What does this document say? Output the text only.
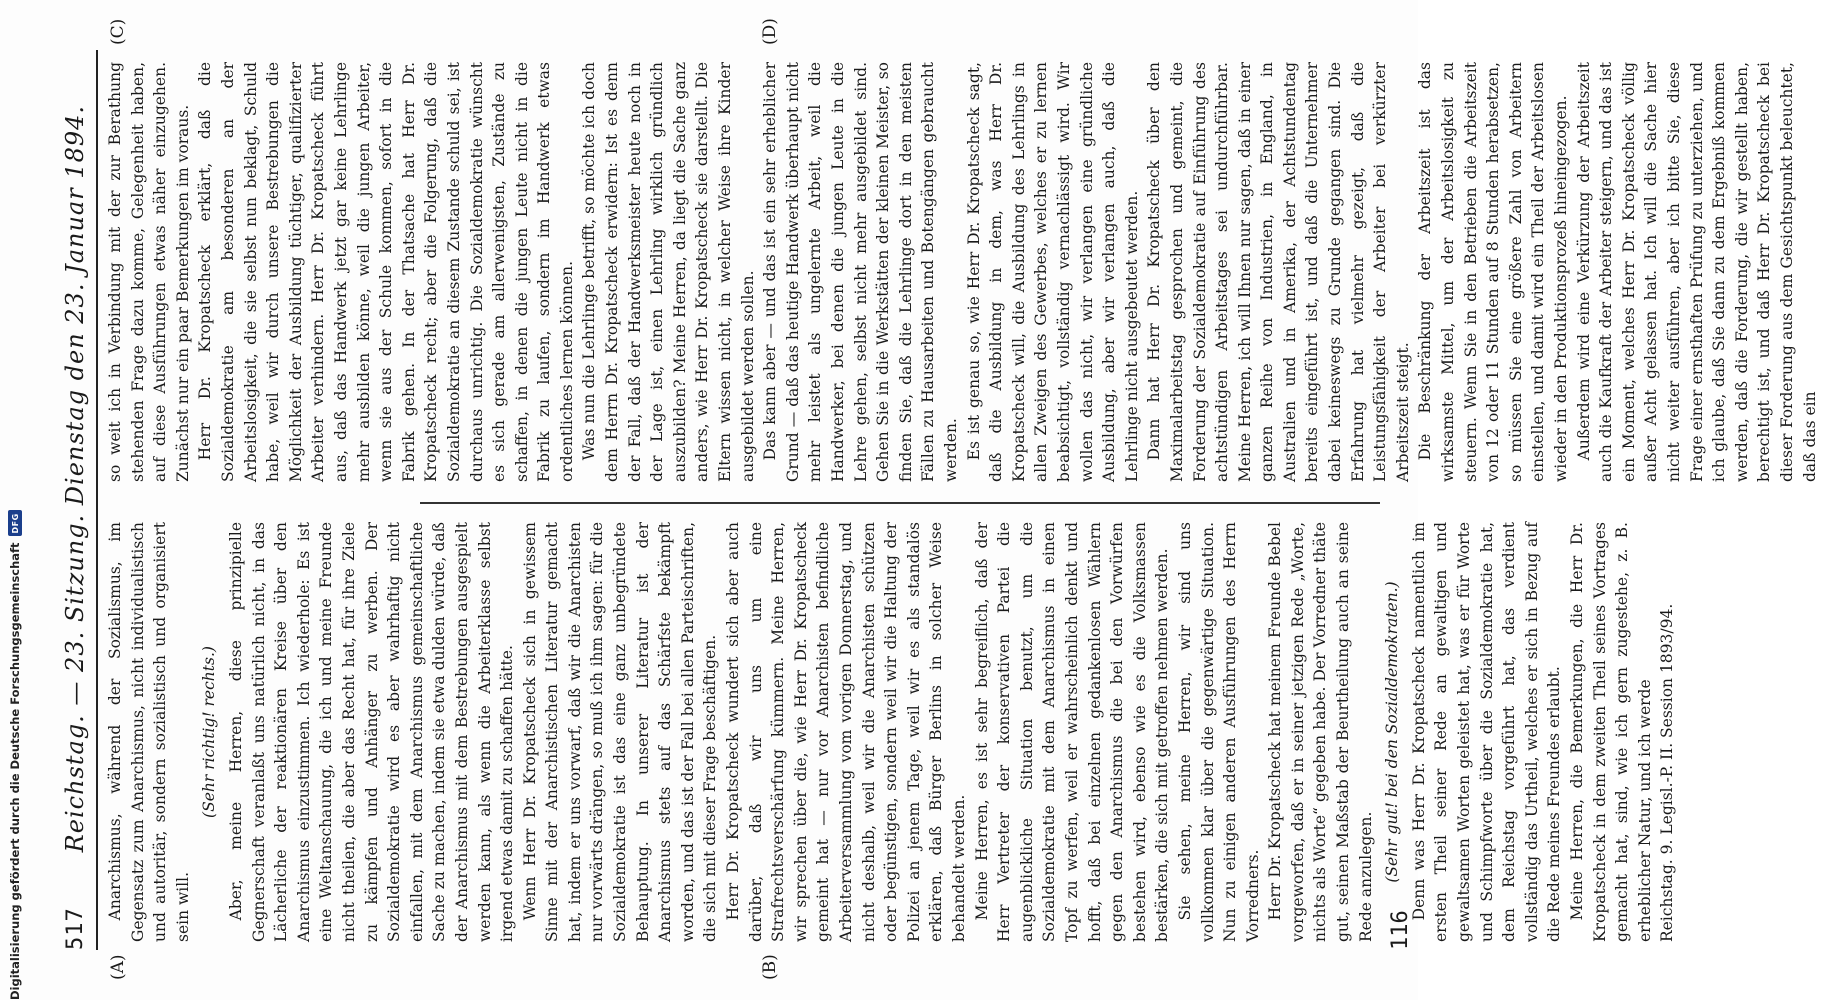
517
Reichstag. — 23. Sitzung. Dienstag den 23. Januar 1894.
(A)	(B)
(C)	(D)

Anarchismus, während der Sozialismus, im Gegensatz zum Anarchismus, nicht individualistisch und autoritär, sondern sozialistisch und organisiert sein will.

(Sehr richtig! rechts.) Aber, meine Herren, diese prinzipielle Gegnerschaft veranlaßt uns natürlich nicht, in das Lächerliche der reaktionären Kreise über den Anarchismus einzustimmen. Ich wiederhole: Es ist eine Weltanschauung, die ich und meine Freunde nicht theilen, die aber das Recht hat, für ihre Ziele zu kämpfen und Anhänger zu werben. Der Sozialdemokratie wird es aber wahrhaftig nicht einfallen, mit dem Anarchismus gemeinschaftliche Sache zu machen, indem sie etwa dulden würde, daß der Anarchismus mit dem Bestrebungen ausgespielt werden kann, als wenn die Arbeiterklasse selbst irgend etwas damit zu schaffen hätte. Wenn Herr Dr. Kropatscheck sich in gewissem Sinne mit der Anarchistischen Literatur gemacht hat, indem er uns vorwarf, daß wir die Anarchisten nur vorwärts drängen, so muß ich ihm sagen: für die Sozialdemokratie ist das eine ganz unbegründete Behauptung. In unserer Literatur ist der Anarchismus stets auf das Schärfste bekämpft worden, und das ist der Fall bei allen Parteischriften, die sich mit dieser Frage beschäftigen. Herr Dr. Kropatscheck wundert sich aber auch darüber, daß wir uns um eine Strafrechtsverschärfung kümmern. Meine Herren, wir sprechen über die, wie Herr Dr. Kropatscheck gemeint hat — nur vor Anarchisten befindliche Arbeiterversammlung vom vorigen Donnerstag, und nicht deshalb, weil wir die Anarchisten schützen oder begünstigen, sondern weil wir die Haltung der Polizei an jenem Tage, weil wir es als standalös erklären, daß Bürger Berlins in solcher Weise behandelt werden. Meine Herren, es ist sehr begreiflich, daß der Herr Vertreter der konservativen Partei die augenblickliche Situation benutzt, um die Sozialdemokratie mit dem Anarchismus in einen Topf zu werfen, weil er wahrscheinlich denkt und hofft, daß bei einzelnen gedankenlosen Wählern gegen den Anarchismus die bei den Vorwürfen bestehen wird, ebenso wie es die Volksmassen bestärken, die sich mit getroffen nehmen werden. Sie sehen, meine Herren, wir sind uns vollkommen klar über die gegenwärtige Situation. Nun zu einigen anderen Ausführungen des Herrn Vorredners. Herr Dr. Kropatscheck hat meinem Freunde Bebel vorgeworfen, daß er in seiner jetzigen Rede „Worte, nichts als Worte“ gegeben habe. Der Vorredner thäte gut, seinen Maßstab der Beurtheilung auch an seine Rede anzulegen. (Sehr gut! bei den Sozialdemokraten.) Denn was Herr Dr. Kropatscheck namentlich im ersten Theil seiner Rede an gewaltigen und gewaltsamen Worten geleistet hat, was er für Worte und Schimpfworte über die Sozialdemokratie hat, dem Reichstag vorgeführt hat, das verdient vollständig das Urtheil, welches er sich in Bezug auf die Rede meines Freundes erlaubt. Meine Herren, die Bemerkungen, die Herr Dr. Kropatscheck in dem zweiten Theil seines Vortrages gemacht hat, sind, wie ich gern zugestehe, z. B. erheblicher Natur, und ich werde Reichstag. 9. Legisl.-P. II. Session 1893/94.

so weit ich in Verbindung mit der zur Berathung stehenden Frage dazu komme, Gelegenheit haben, auf diese Ausführungen etwas näher einzugehen. Zunächst nur ein paar Bemerkungen im voraus. Herr Dr. Kropatscheck erklärt, daß die Sozialdemokratie am besonderen an der Arbeitslosigkeit, die sie selbst nun beklagt, Schuld habe, weil wir durch unsere Bestrebungen die Möglichkeit der Ausbildung tüchtiger, qualifizierter Arbeiter verhindern. Herr Dr. Kropatscheck führt aus, daß das Handwerk jetzt gar keine Lehrlinge mehr ausbilden könne, weil die jungen Arbeiter, wenn sie aus der Schule kommen, sofort in die Fabrik gehen. In der Thatsache hat Herr Dr. Kropatscheck recht; aber die Folgerung, daß die Sozialdemokratie an diesem Zustande schuld sei, ist durchaus unrichtig. Die Sozialdemokratie wünscht es sich gerade am allerwenigsten, Zustände zu schaffen, in denen die jungen Leute nicht in die Fabrik zu laufen, sondern im Handwerk etwas ordentliches lernen können. Was nun die Lehrlinge betrifft, so möchte ich doch dem Herrn Dr. Kropatscheck erwidern: Ist es denn der Fall, daß der Handwerksmeister heute noch in der Lage ist, einen Lehrling wirklich gründlich auszubilden? Meine Herren, da liegt die Sache ganz anders, wie Herr Dr. Kropatscheck sie darstellt. Die Eltern wissen nicht, in welcher Weise ihre Kinder ausgebildet werden sollen. Das kann aber — und das ist ein sehr erheblicher Grund — daß das heutige Handwerk überhaupt nicht mehr leistet als ungelernte Arbeit, weil die Handwerker, bei denen die jungen Leute in die Lehre gehen, selbst nicht mehr ausgebildet sind. Gehen Sie in die Werkstätten der kleinen Meister, so finden Sie, daß die Lehrlinge dort in den meisten Fällen zu Hausarbeiten und Botengängen gebraucht werden. Es ist genau so, wie Herr Dr. Kropatscheck sagt, daß die Ausbildung in dem, was Herr Dr. Kropatscheck will, die Ausbildung des Lehrlings in allen Zweigen des Gewerbes, welches er zu lernen beabsichtigt, vollständig vernachlässigt wird. Wir wollen das nicht, wir verlangen eine gründliche Ausbildung, aber wir verlangen auch, daß die Lehrlinge nicht ausgebeutet werden. Dann hat Herr Dr. Kropatscheck über den Maximalarbeitstag gesprochen und gemeint, die Forderung der Sozialdemokratie auf Einführung des achtstündigen Arbeitstages sei undurchführbar. Meine Herren, ich will Ihnen nur sagen, daß in einer ganzen Reihe von Industrien, in England, in Australien und in Amerika, der Achtstundentag bereits eingeführt ist, und daß die Unternehmer dabei keineswegs zu Grunde gegangen sind. Die Erfahrung hat vielmehr gezeigt, daß die Leistungsfähigkeit der Arbeiter bei verkürzter Arbeitszeit steigt. Die Beschränkung der Arbeitszeit ist das wirksamste Mittel, um der Arbeitslosigkeit zu steuern. Wenn Sie in den Betrieben die Arbeitszeit von 12 oder 11 Stunden auf 8 Stunden herabsetzen, so müssen Sie eine größere Zahl von Arbeitern einstellen, und damit wird ein Theil der Arbeitslosen wieder in den Produktionsprozeß hineingezogen. Außerdem wird eine Verkürzung der Arbeitszeit auch die Kaufkraft der Arbeiter steigern, und das ist ein Moment, welches Herr Dr. Kropatscheck völlig außer Acht gelassen hat. Ich will die Sache hier nicht weiter ausführen, aber ich bitte Sie, diese Frage einer ernsthaften Prüfung zu unterziehen, und ich glaube, daß Sie dann zu dem Ergebniß kommen werden, daß die Forderung, die wir gestellt haben, berechtigt ist, und daß Herr Dr. Kropatscheck bei dieser Forderung aus dem Gesichtspunkt beleuchtet, daß das ein

116
Digitalisierung gefördert durch die Deutsche Forschungsgemeinschaft
DFG
